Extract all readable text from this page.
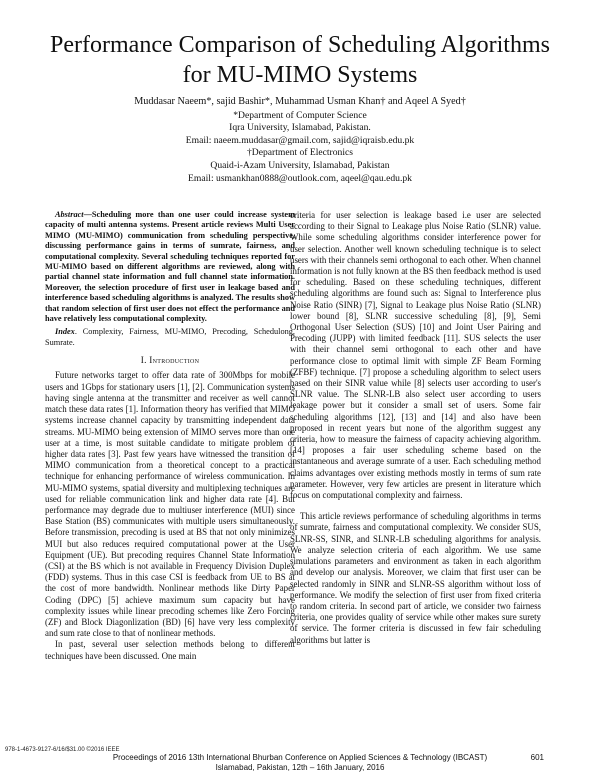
Performance Comparison of Scheduling Algorithms for MU-MIMO Systems
Muddasar Naeem*, sajid Bashir*, Muhammad Usman Khan† and Aqeel A Syed†
*Department of Computer Science
Iqra University, Islamabad, Pakistan.
Email: naeem.muddasar@gmail.com, sajid@iqraisb.edu.pk
†Department of Electronics
Quaid-i-Azam University, Islamabad, Pakistan
Email: usmankhan0888@outlook.com, aqeel@qau.edu.pk

Abstract—Scheduling more than one user could increase system capacity of multi antenna systems. Present article reviews Multi User MIMO (MU-MIMO) communication from scheduling perspective, discussing performance gains in terms of sumrate, fairness, and computational complexity. Several scheduling techniques reported for MU-MIMO based on different algorithms are reviewed, along with partial channel state information and full channel state information. Moreover, the selection procedure of first user in leakage based and interference based scheduling algorithms is analyzed. The results show that random selection of first user does not effect the performance and have relatively less computational complexity.

Index. Complexity, Fairness, MU-MIMO, Precoding, Schedulong, Sumrate.

I. Introduction

Future networks target to offer data rate of 300Mbps for mobile users and 1Gbps for stationary users [1], [2]. Communication systems having single antenna at the transmitter and receiver as well cannot match these data rates [1]. Information theory has verified that MIMO systems increase channel capacity by transmitting independent data streams. MU-MIMO being extension of MIMO serves more than one user at a time, is most suitable candidate to mitigate problem of higher data rates [3]. Past few years have witnessed the transition of MIMO communication from a theoretical concept to a practical technique for enhancing performance of wireless communication. In MU-MIMO systems, spatial diversity and multiplexing techniques are used for reliable communication link and higher data rate [4]. But performance may degrade due to multiuser interference (MUI) since Base Station (BS) communicates with multiple users simultaneously. Before transmission, precoding is used at BS that not only minimizes MUI but also reduces required computational power at the User Equipment (UE). But precoding requires Channel State Information (CSI) at the BS which is not available in Frequency Division Duplex (FDD) systems. Thus in this case CSI is feedback from UE to BS at the cost of more bandwidth. Nonlinear methods like Dirty Paper Coding (DPC) [5] achieve maximum sum capacity but have complexity issues while linear precoding schemes like Zero Forcing (ZF) and Block Diagonlization (BD) [6] have very less complexity and sum rate close to that of nonlinear methods.

In past, several user selection methods belong to different techniques have been discussed. One main

criteria for user selection is leakage based i.e user are selected according to their Signal to Leakage plus Noise Ratio (SLNR) value. While some scheduling algorithms consider interference power for user selection. Another well known scheduling technique is to select users with their channels semi orthogonal to each other. When channel information is not fully known at the BS then feedback method is used for scheduling. Based on these scheduling techniques, different scheduling algorithms are found such as: Signal to Interference plus Noise Ratio (SINR) [7], Signal to Leakage plus Noise Ratio (SLNR) lower bound [8], SLNR successive scheduling [8], [9], Semi Orthogonal User Selection (SUS) [10] and Joint User Pairing and Precoding (JUPP) with limited feedback [11]. SUS selects the user with their channel semi orthogonal to each other and have performance close to optimal limit with simple ZF Beam Forming (ZFBF) technique. [7] propose a scheduling algorithm to select users based on their SINR value while [8] selects user according to user's SLNR value. The SLNR-LB also select user according to users leakage power but it consider a small set of users. Some fair scheduling algorithms [12], [13] and [14] and also have been proposed in recent years but none of the algorithm suggest any criteria, how to measure the fairness of capacity achieving algorithm. [14] proposes a fair user scheduling scheme based on the instantaneous and average sumrate of a user. Each scheduling method claims advantages over existing methods mostly in terms of sum rate parameter. However, very few articles are present in literature which focus on computational complexity and fairness.

This article reviews performance of scheduling algorithms in terms of sumrate, fairness and computational complexity. We consider SUS, SLNR-SS, SINR, and SLNR-LB scheduling algorithms for analysis. We analyze selection criteria of each algorithm. We use same simulations parameters and environment as taken in each algorithm and develop our analysis. Moreover, we claim that first user can be selected randomly in SINR and SLNR-SS algorithm without loss of performance. We modify the selection of first user from fixed criteria to random criteria. In second part of article, we consider two fairness criteria, one provides quality of service while other makes sure surety of service. The former criteria is discussed in few fair scheduling algorithms but latter is

978-1-4673-9127-6/16/$31.00 ©2016 IEEE
Proceedings of 2016 13th International Bhurban Conference on Applied Sciences & Technology (IBCAST)
Islamabad, Pakistan, 12th – 16th January, 2016
601
